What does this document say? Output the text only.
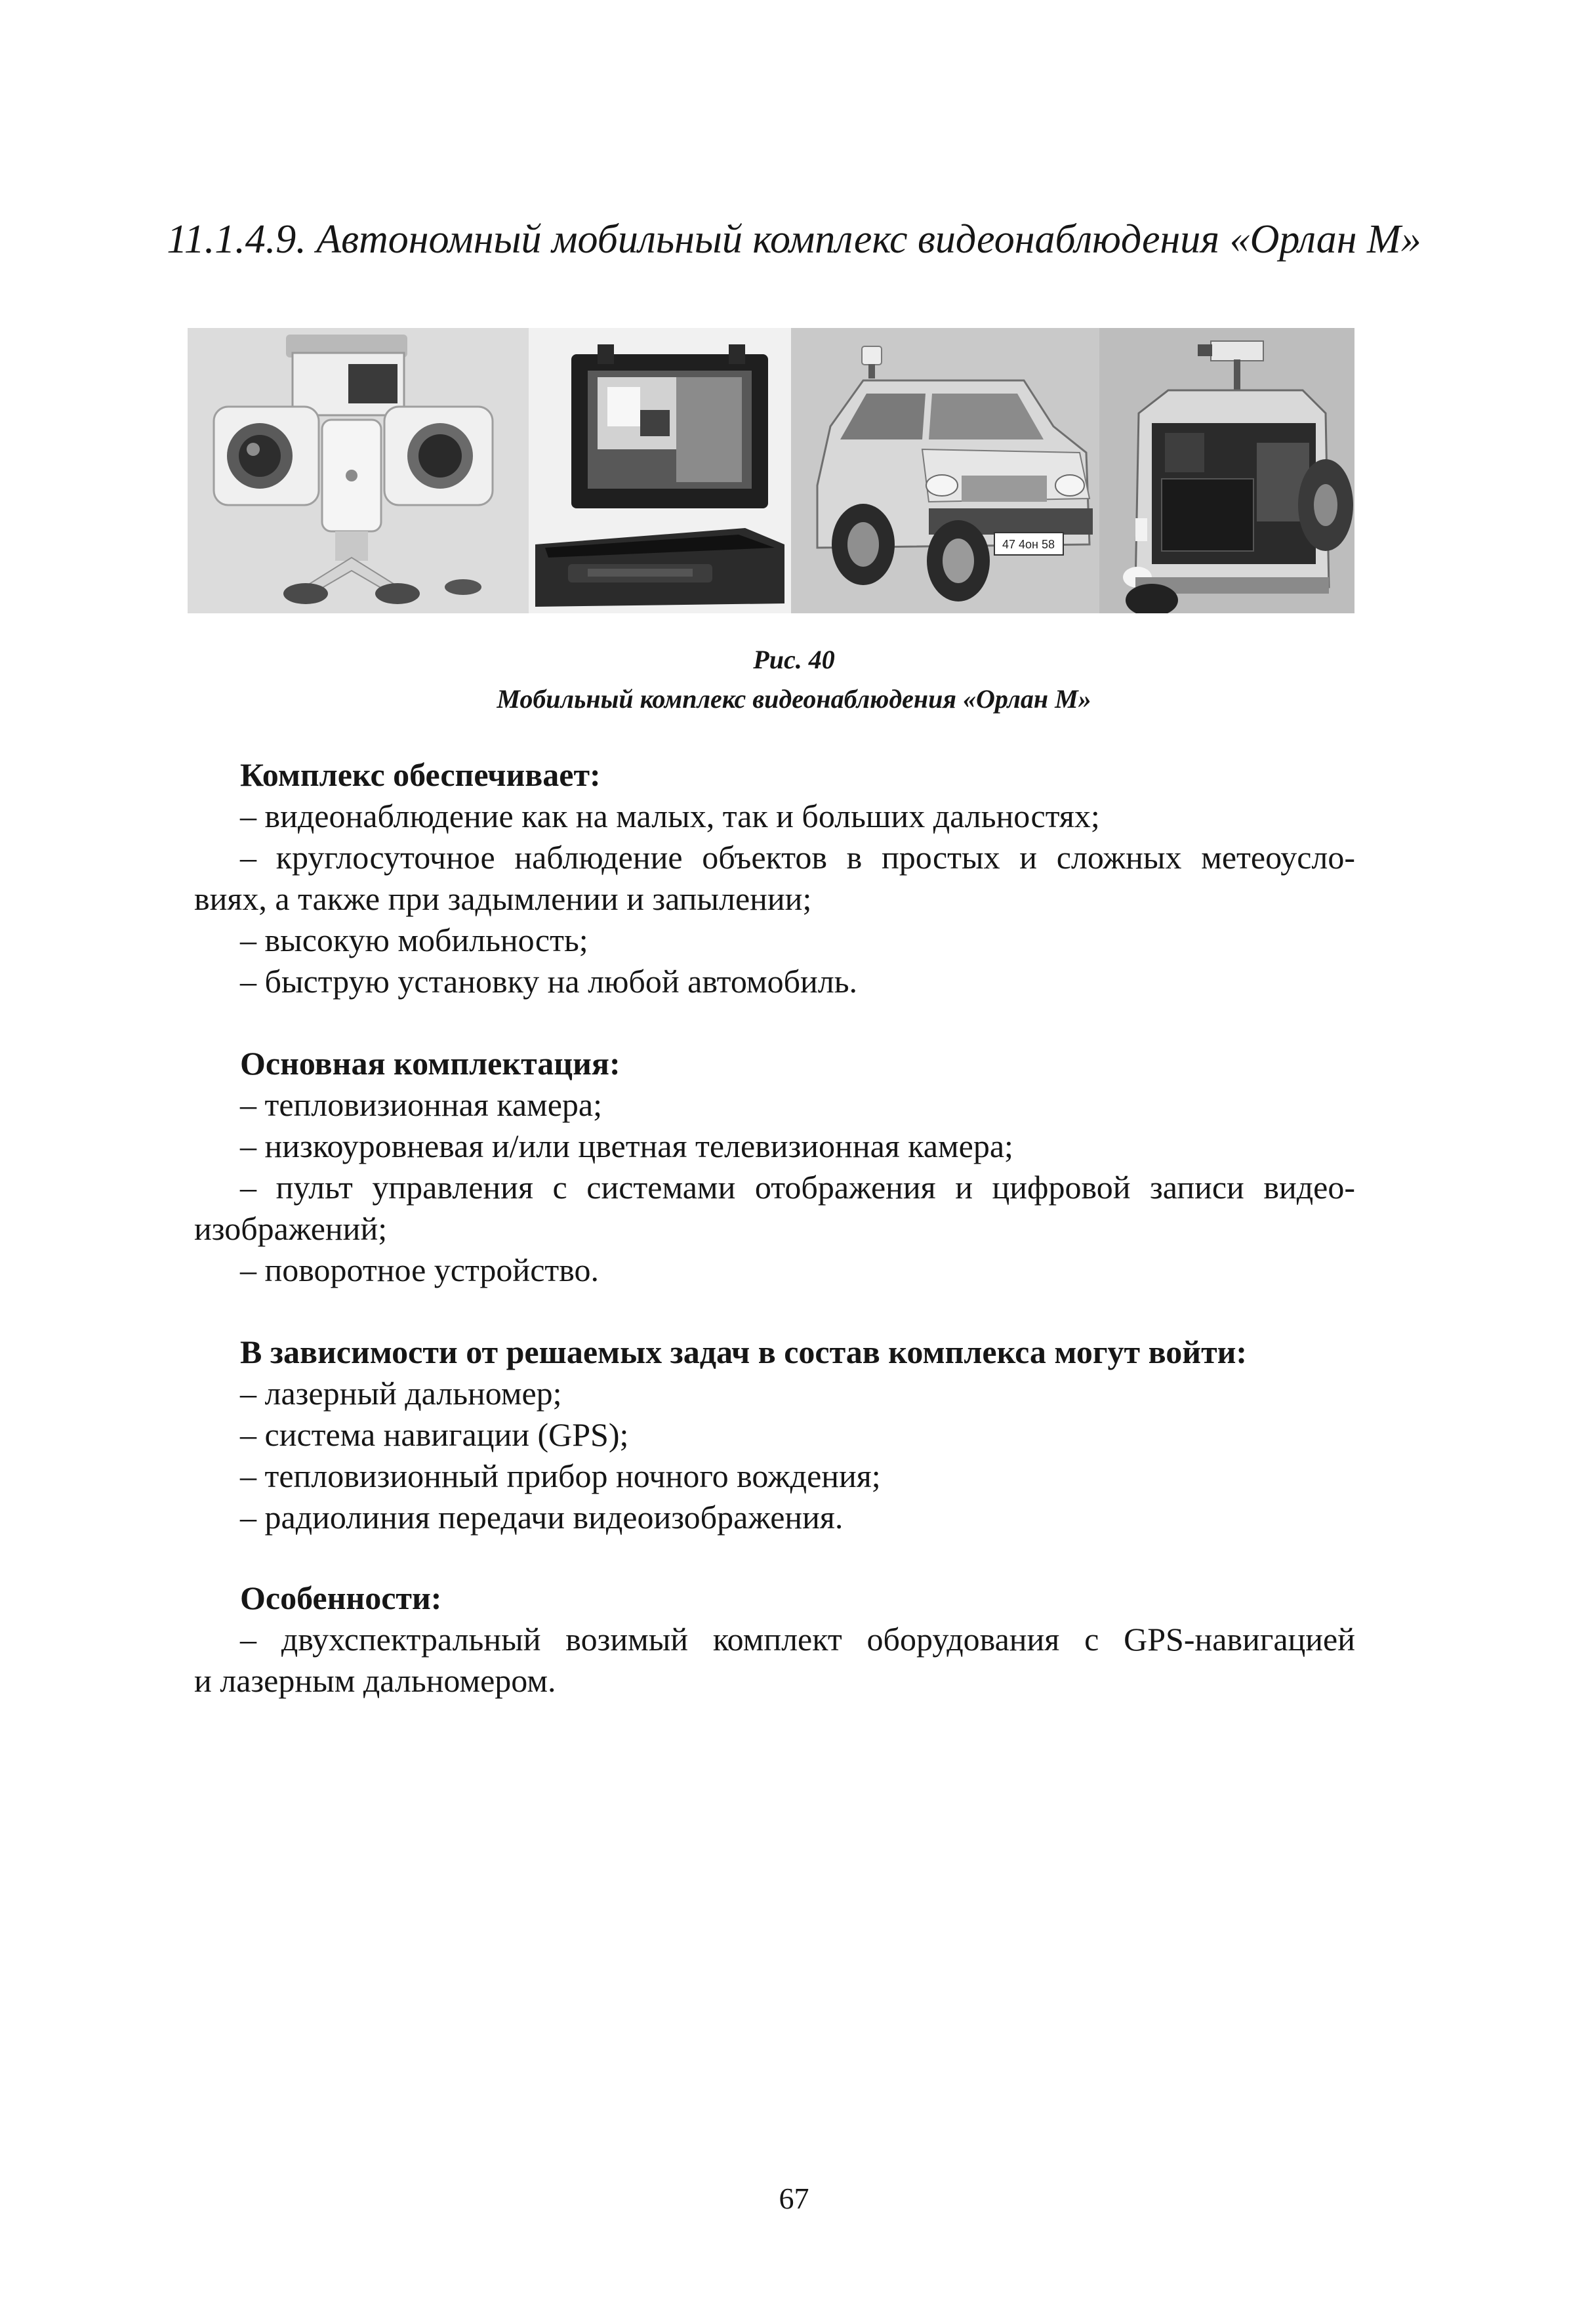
11.1.4.9. Автономный мобильный комплекс видеонаблюдения «Орлан М»
47 4он 58
Рис. 40
Мобильный комплекс видеонаблюдения «Орлан М»
Комплекс обеспечивает:
– видеонаблюдение как на малых, так и больших дальностях;
– круглосуточное наблюдение объектов в простых и сложных метеоусло-
виях, а также при задымлении и запылении;
– высокую мобильность;
– быструю установку на любой автомобиль.
Основная комплектация:
– тепловизионная камера;
– низкоуровневая и/или цветная телевизионная камера;
– пульт управления с системами отображения и цифровой записи видео-
изображений;
– поворотное устройство.
В зависимости от решаемых задач в состав комплекса могут войти:
– лазерный дальномер;
– система навигации (GPS);
– тепловизионный прибор ночного вождения;
– радиолиния передачи видеоизображения.
Особенности:
– двухспектральный возимый комплект оборудования с GPS-навигацией
и лазерным дальномером.
67
